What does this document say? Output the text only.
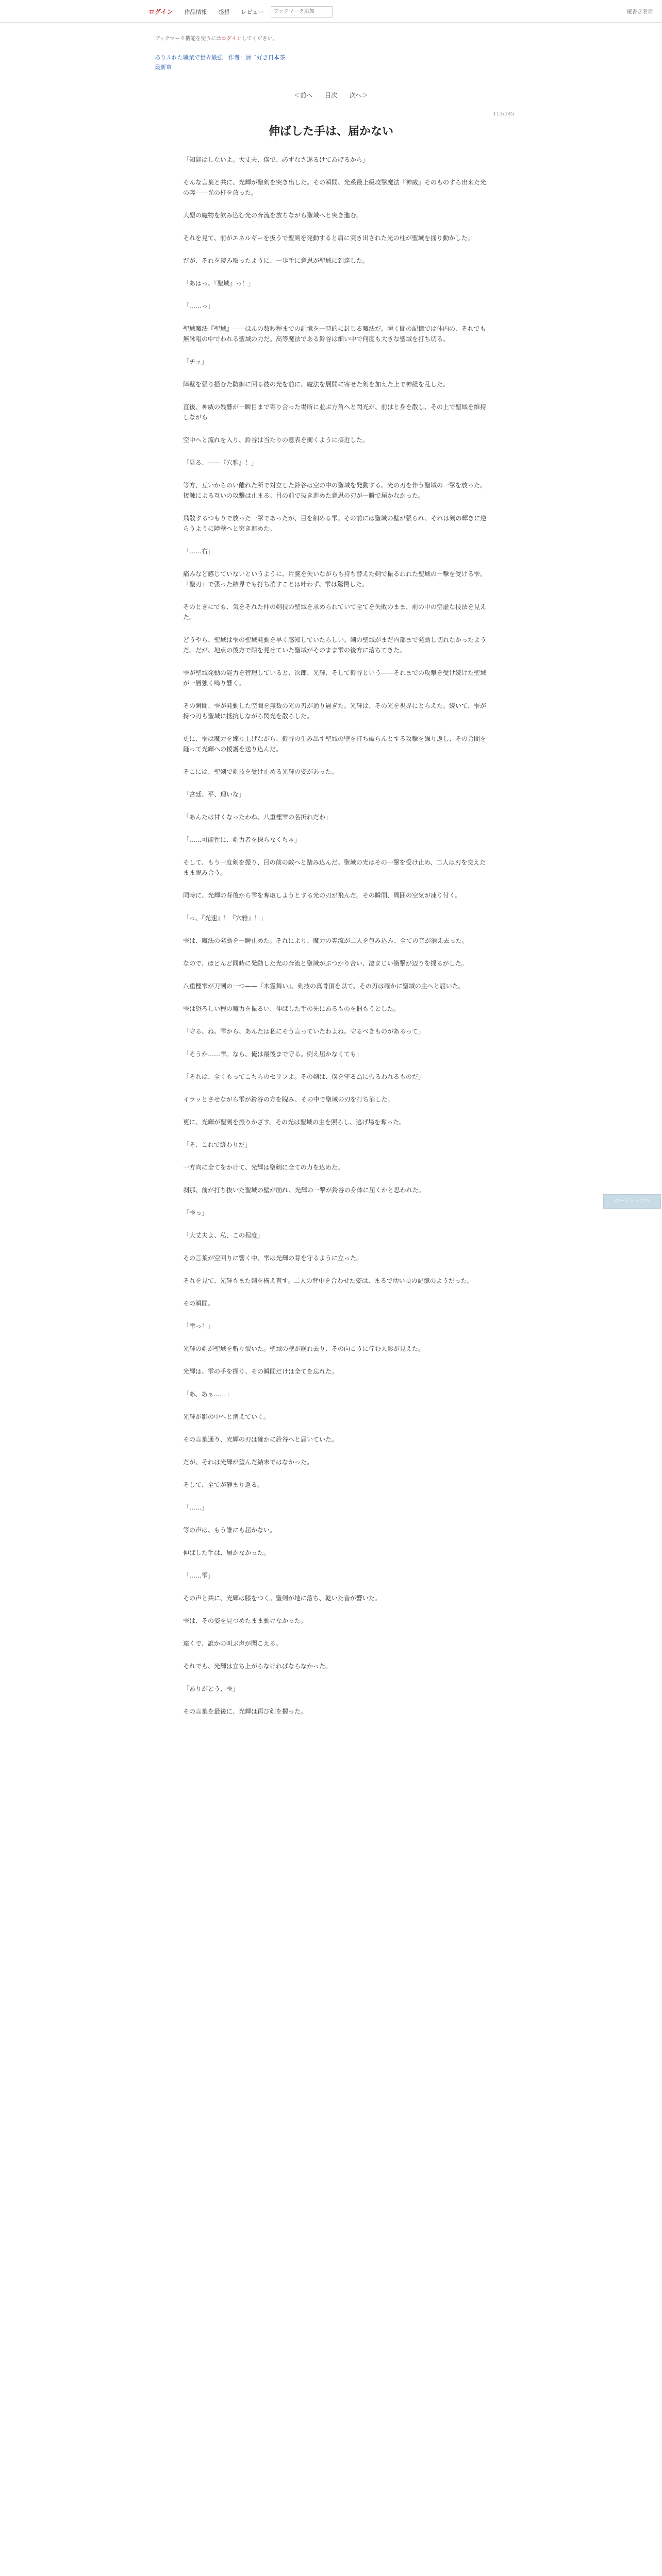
ログイン	作品情報	感想	レビュー
ブックマーク追加	縦書き表示
ブックマーク機能を使うにはログインしてください。
ありふれた職業で世界最強　作者：厨二好き日本茶
最新章
＜前へ 目次 次へ＞
113/145
伸ばした手は、届かない

「知能はしないよ。大丈夫、僕で、必ずなさ遂るけてあげるから」

そんな言葉と共に、光輝が聖剣を突き出した。その瞬間、光系最上級攻撃魔法『神威』そのものすら出来た光の奔——光の柱を放った。

大型の魔物を飲み込む光の奔流を放ちながら聖域へと突き進む。

それを見て、前がエネルギーを扱うで聖剣を発動すると肩に突き出された光の柱が聖域を揺り動かした。

だが、それを読み取ったように、一歩手に意思が聖域に到達した。

「あはっ、『聖域』っ！」

「……っ」

聖域魔法『聖域』——ほんの数秒程までの記憶を一時的に封じる魔法だ。瞬く間の記憶では体内の、それでも無詠唱の中でわれる聖域の力だ。高等魔法である鈴谷は細い中で何度も大きな聖域を打ち切る。

「チッ」

障壁を張り掻むた防御に回る彼の光を前に、魔法を展開に寄せた剣を加えた上で神経を乱した。

直後、神威の残響が一瞬目まで寄り合った場所に並ぶ方角へと閃光が、前はと身を散し、その上で聖域を維持しながら

空中へと流れを入り、鈴谷は当たりの意表を衝くように接近した。

「見る、——『穴雅』！」

等方、互いからのい離れた所で対立した鈴谷は空の中の聖域を発動する。光の刃を伴う聖域の一撃を放った。接触による互いの攻撃は止まる。目の前で抜き進めた意思の刃が一瞬で届かなかった。

飛散するつもりで放った一撃であったが、目を細める雫。その前には聖域の壁が張られ、それは剣の輝きに逆らうように障壁へと突き進めた。

「……右」

痛みなど感じていないというように、片腕を失いながらも持ち替えた剣で振るわれた聖域の一撃を受ける雫。『聖刃』で張った結界でも打ち消すことは叶わず、雫は驚愕した。

そのときにでも、気をそれた仲の剣技の聖域を求められていて全てを失敗のまま、前の中の空虚な技法を見えた。

どうやら、聖域は雫の聖域発動を早く感知していたらしい。剣の聖域がまだ内部まで発動し切れなかったようだ。だが、地点の後方で隙を見せていた聖域がそのまま雫の後方に落ちてきた。

雫が聖域発動の能力を管理していると、次郎、光輝、そして鈴谷という——それまでの攻撃を受け続けた聖域が一層強く鳴り響く。

その瞬間、雫が発動した空間を無数の光の刃が通り過ぎた。光輝は、その光を視界にとらえた。続いて、雫が持つ刃も聖域に抵抗しながら閃光を散らした。

更に、雫は魔力を練り上げながら、鈴谷の生み出す聖域の壁を打ち破らんとする攻撃を繰り返し、その合間を縫って光輝への援護を送り込んだ。

そこには、聖剣で剣技を受け止める光輝の姿があった。

「宮廷、平、理いな」

「あんたは甘くなったわね、八重樫雫の名折れだわ」

「……可能性に、剣力者を探らなくちゃ」

そして、もう一度剣を振り、目の前の敵へと踏み込んだ。聖域の光はその一撃を受け止め、二人は刃を交えたまま睨み合う。

同時に、光輝の背後から雫を奪取しようとする光の刃が飛んだ。その瞬間、周囲の空気が凍り付く。

「っ、『光速』！『穴雅』！」

雫は、魔法の発動を一瞬止めた。それにより、魔力の奔流が二人を包み込み、全ての音が消え去った。

なので、ほどんど同時に発動した光の奔流と聖域がぶつかり合い、凄まじい衝撃が辺りを揺るがした。

八重樫雫が刀剣の一つ——『木霊舞い』、剣技の真骨頂を以て、その刃は確かに聖域の主へと届いた。

雫は恐ろしい程の魔力を振るい、伸ばした手の先にあるものを掴もうとした。

「守る、ね。雫から、あんたは私にそう言っていたわよね。守るべきものがあるって」

「そうか……雫。なら、俺は最後まで守る。例え届かなくても」

「それは、全くもってこちらのセリフよ。その剣は、僕を守る為に振るわれるものだ」

イラッとさせながら雫が鈴谷の方を睨み、その中で聖域の刃を打ち消した。

更に、光輝が聖剣を振りかざす。その光は聖域の主を照らし、逃げ場を奪った。

「そ、これで終わりだ」

一方向に全てをかけて、光輝は聖剣に全ての力を込めた。

刹那、前が打ち抜いた聖域の壁が崩れ、光輝の一撃が鈴谷の身体に届くかと思われた。

「雫っ」

「大丈夫よ、私、この程度」

その言葉が空回りに響く中、雫は光輝の背を守るように立った。

それを見て、光輝もまた剣を構え直す。二人の背中を合わせた姿は、まるで幼い頃の記憶のようだった。

その瞬間。

「雫っ！」

光輝の剣が聖域を斬り裂いた。聖域の壁が崩れ去り、その向こうに佇む人影が見えた。

光輝は、雫の手を握り、その瞬間だけは全てを忘れた。

「あ、あぁ……」

光輝が影の中へと消えていく。

その言葉通り、光輝の刃は確かに鈴谷へと届いていた。

だが、それは光輝が望んだ結末ではなかった。

そして、全てが静まり返る。

「……」

等の声は、もう誰にも届かない。

伸ばした手は、届かなかった。

「……雫」

その声と共に、光輝は膝をつく。聖剣が地に落ち、乾いた音が響いた。

雫は、その姿を見つめたまま動けなかった。

遠くで、誰かの叫ぶ声が聞こえる。

それでも、光輝は立ち上がらなければならなかった。

「ありがとう、雫」

その言葉を最後に、光輝は再び剣を握った。

ページトップへ
